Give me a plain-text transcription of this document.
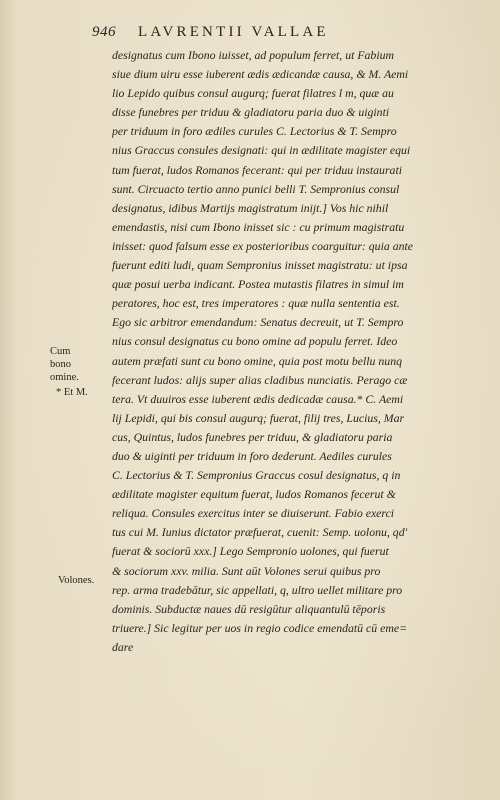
946 LAVRENTII VALLAE
Cum bono omine.
* Et M.
Volones.
designatus cum Ibono iuisset, ad populum ferret, ut Fabium
siue dium uiru esse iuberent ædis ædicandæ causa, & M. Aemi
lio Lepido quibus consul augurq; fuerat filatres l m, quæ au
disse funebres per triduu & gladiatoru paria duo & uiginti
per triduum in foro ædiles curules C. Lectorius & T. Sempro
nius Graccus consules designati: qui in ædilitate magister equi
tum fuerat, ludos Romanos fecerant: qui per triduu instaurati
sunt. Circuacto tertio anno punici belli T. Sempronius consul
designatus, idibus Martijs magistratum inijt.] Vos hic nihil
emendastis, nisi cum Ibono inisset sic : cu primum magistratu
inisset: quod falsum esse ex posterioribus coarguitur: quia ante
fuerunt editi ludi, quam Sempronius inisset magistratu: ut ipsa
quæ posui uerba indicant. Postea mutastis filatres in simul im
peratores, hoc est, tres imperatores : quæ nulla sententia est.
Ego sic arbitror emendandum: Senatus decreuit, ut T. Sempro
nius consul designatus cu bono omine ad populu ferret. Ideo
autem præfati sunt cu bono omine, quia post motu bellu nunq
fecerant ludos: alijs super alias cladibus nunciatis. Perago cæ
tera. Vt duuiros esse iuberent ædis dedicadæ causa.* C. Aemi
lij Lepidi, qui bis consul augurq; fuerat, filij tres, Lucius, Mar
cus, Quintus, ludos funebres per triduu, & gladiatoru paria
duo & uiginti per triduum in foro dederunt. Aediles curules
C. Lectorius & T. Sempronius Graccus cosul designatus, q in
ædilitate magister equitum fuerat, ludos Romanos fecerut &
reliqua. Consules exercitus inter se diuiserunt. Fabio exerci
tus cui M. Iunius dictator præfuerat, cuenit: Semp. uolonu, qd'
fuerat & sociorū xxx.] Lego Sempronio uolones, qui fuerut
& sociorum xxv. milia. Sunt aūt Volones serui quibus pro
rep. arma tradebātur, sic appellati, q, ultro uellet militare pro
dominis. Subductæ naues dū resigūtur aliquantulū tēporis
triuere.] Sic legitur per uos in regio codice emendatū cū eme=
dare
